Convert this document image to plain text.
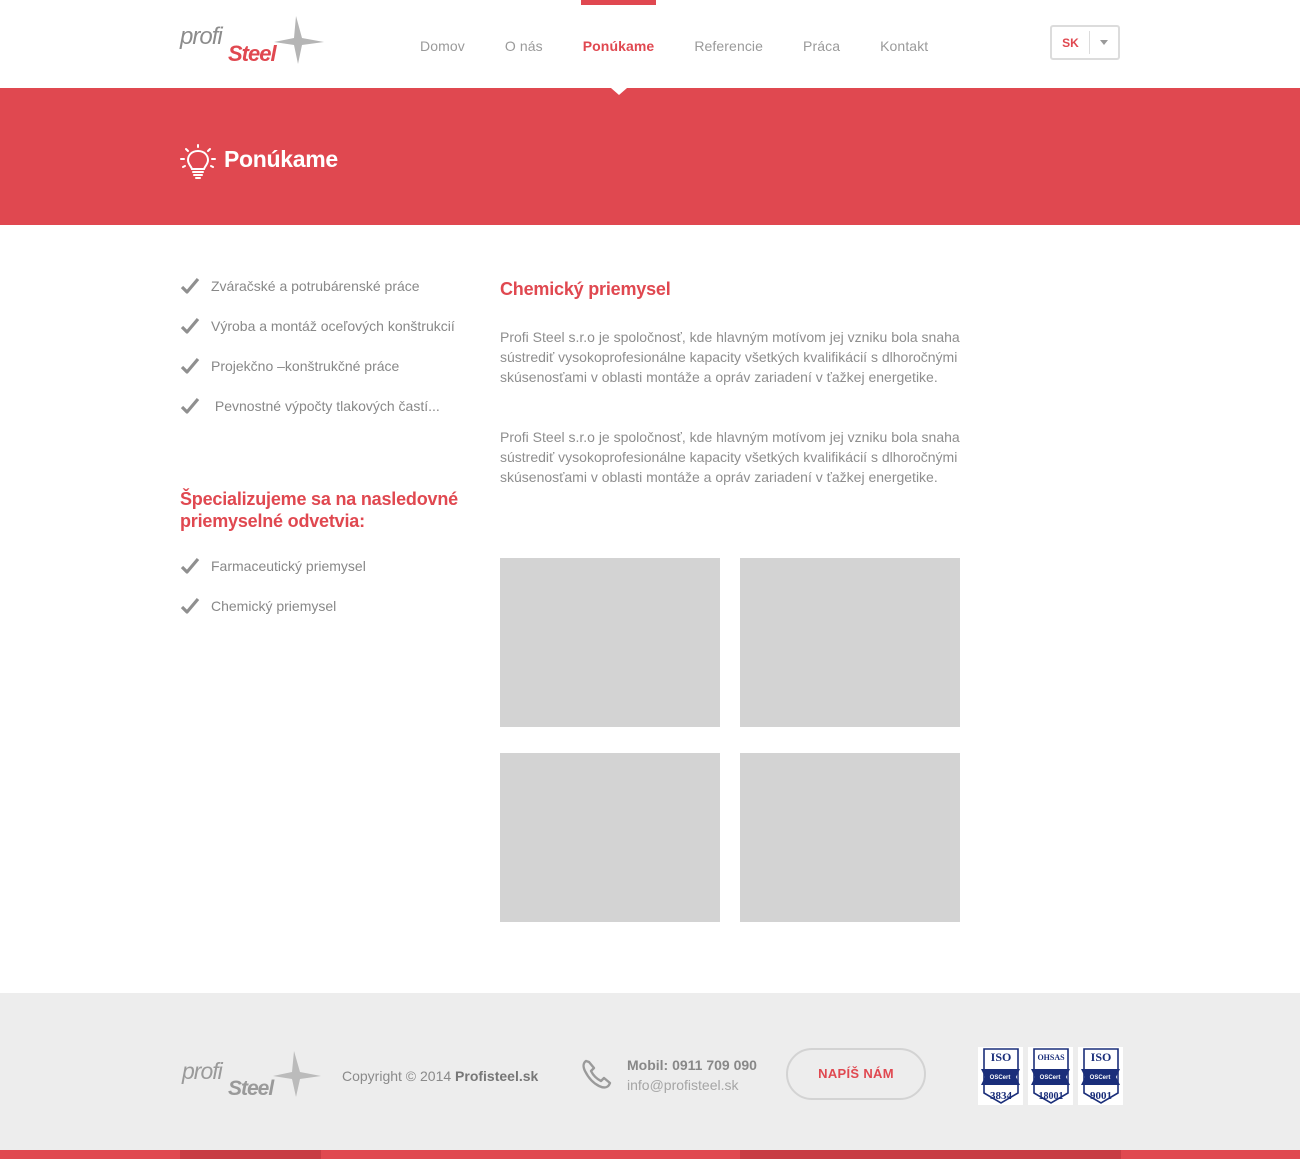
profi
Steel	Domov	O nás	Ponúkame	Referencie	Práca	Kontakt	SK
Ponúkame
Zváračské a potrubárenské práce
Výroba a montáž oceľových konštrukcií
Projekčno –konštrukčné práce
Pevnostné výpočty tlakových častí...
Špecializujeme sa na nasledovné priemyselné odvetvia:
Farmaceutický priemysel
Chemický priemysel
Chemický priemysel

Profi Steel s.r.o je spoločnosť, kde hlavným motívom jej vzniku bola snaha sústrediť vysokoprofesionálne kapacity všetkých kvalifikácií s dlhoročnými skúsenosťami v oblasti montáže a opráv zariadení v ťažkej energetike.

Profi Steel s.r.o je spoločnosť, kde hlavným motívom jej vzniku bola snaha sústrediť vysokoprofesionálne kapacity všetkých kvalifikácií s dlhoročnými skúsenosťami v oblasti montáže a opráv zariadení v ťažkej energetike.

profi
Steel
Copyright © 2014 Profisteel.sk
Mobil: 0911 709 090
info@profisteel.sk
NAPÍŠ NÁM
ISO
OSCert
3834
OHSAS
OSCert
18001
ISO
OSCert
9001
